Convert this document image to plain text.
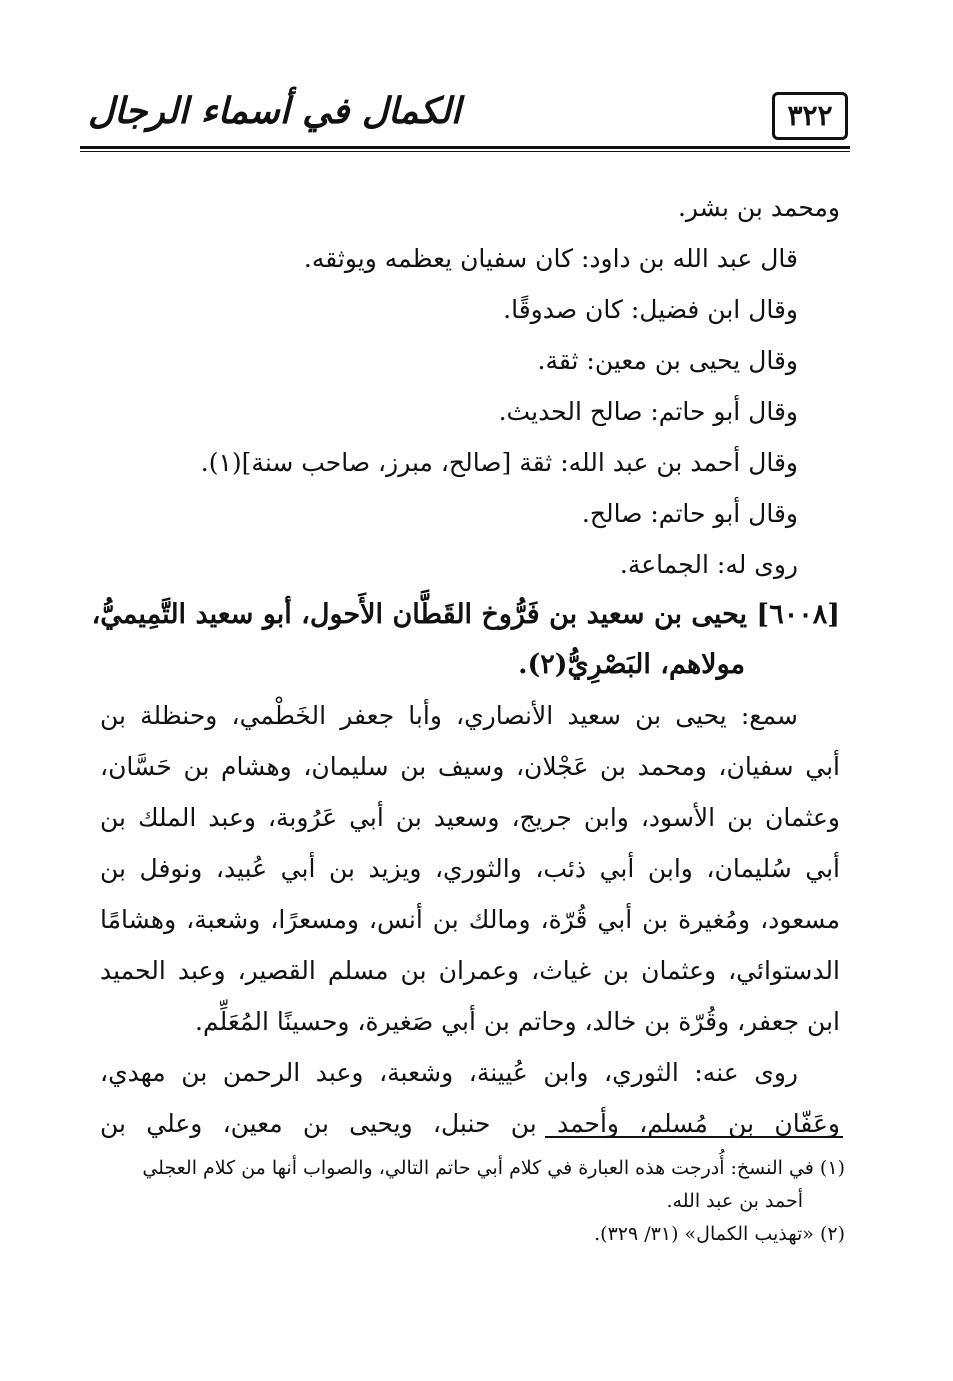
الكمال في أسماء الرجال	٣٢٢
ومحمد بن بشر.
قال عبد الله بن داود: كان سفيان يعظمه ويوثقه.
وقال ابن فضيل: كان صدوقًا.
وقال يحيى بن معين: ثقة.
وقال أبو حاتم: صالح الحديث.
وقال أحمد بن عبد الله: ثقة [صالح، مبرز، صاحب سنة](١).
وقال أبو حاتم: صالح.
روى له: الجماعة.
[٦٠٠٨] يحيى بن سعيد بن فَرُّوخ القَطَّان الأَحول، أبو سعيد التَّمِيميُّ،
مولاهم، البَصْرِيُّ(٢).
سمع: يحيى بن سعيد الأنصاري، وأبا جعفر الخَطْمي، وحنظلة بن
أبي سفيان، ومحمد بن عَجْلان، وسيف بن سليمان، وهشام بن حَسَّان،
وعثمان بن الأسود، وابن جريج، وسعيد بن أبي عَرُوبة، وعبد الملك بن
أبي سُليمان، وابن أبي ذئب، والثوري، ويزيد بن أبي عُبيد، ونوفل بن
مسعود، ومُغيرة بن أبي قُرّة، ومالك بن أنس، ومسعرًا، وشعبة، وهشامًا
الدستوائي، وعثمان بن غياث، وعمران بن مسلم القصير، وعبد الحميد
ابن جعفر، وقُرّة بن خالد، وحاتم بن أبي صَغيرة، وحسينًا المُعَلِّم.
روى عنه: الثوري، وابن عُيينة، وشعبة، وعبد الرحمن بن مهدي،
وعَفّان بن مُسلم، وأحمد بن حنبل، ويحيى بن معين، وعلي بن
(١) في النسخ: أُدرجت هذه العبارة في كلام أبي حاتم التالي، والصواب أنها من كلام العجلي
أحمد بن عبد الله.
(٢) «تهذيب الكمال» (٣١/ ٣٢٩).
